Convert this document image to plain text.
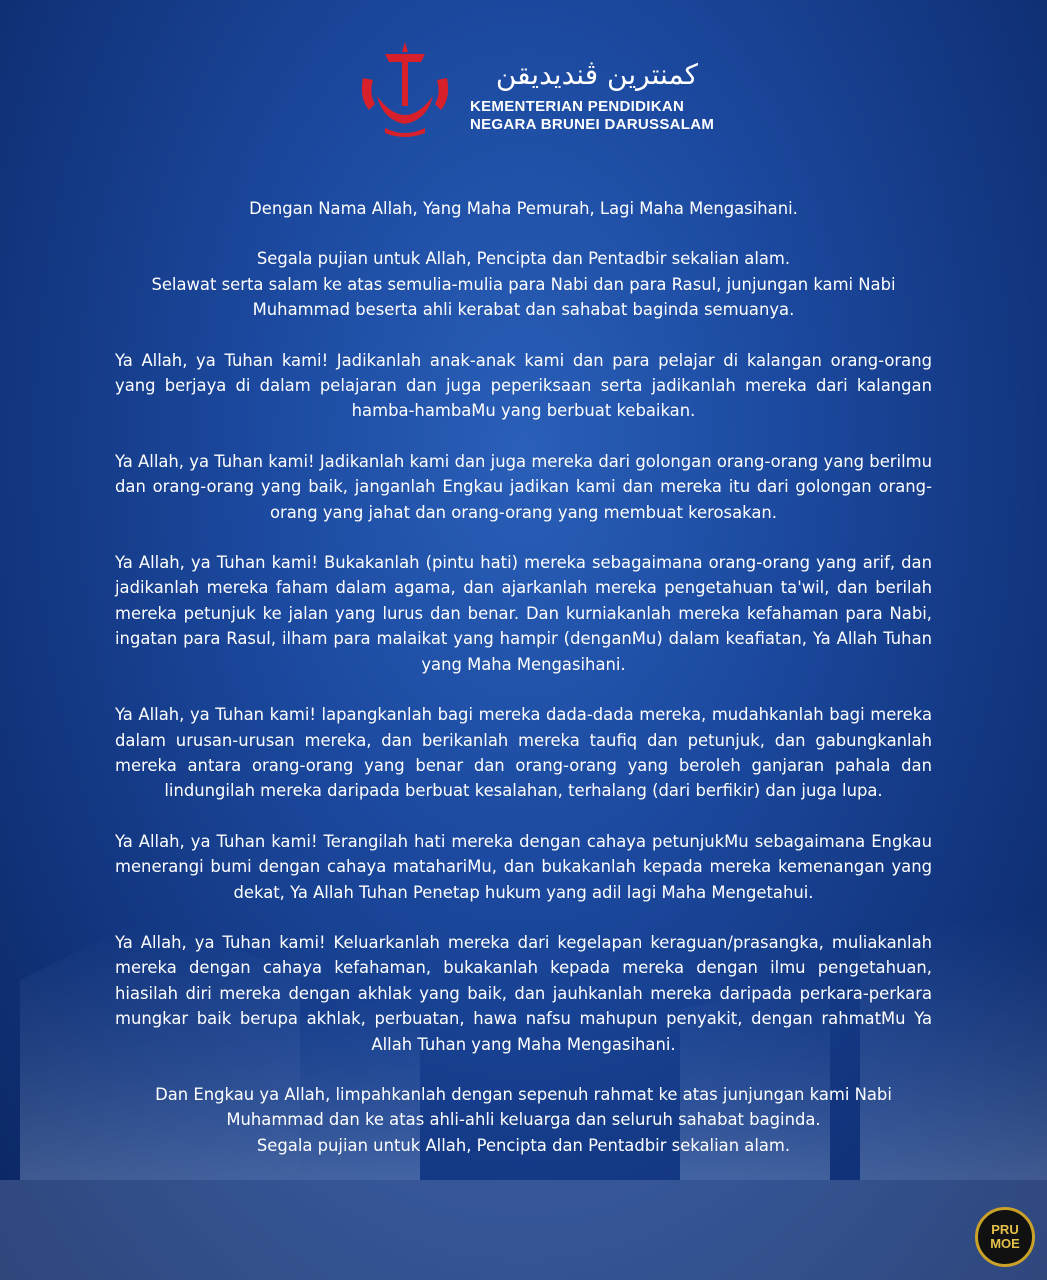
كمنترين ڤنديديقن
KEMENTERIAN PENDIDIKAN
NEGARA BRUNEI DARUSSALAM

Dengan Nama Allah, Yang Maha Pemurah, Lagi Maha Mengasihani.

Segala pujian untuk Allah, Pencipta dan Pentadbir sekalian alam.
Selawat serta salam ke atas semulia-mulia para Nabi dan para Rasul, junjungan kami Nabi Muhammad beserta ahli kerabat dan sahabat baginda semuanya.

Ya Allah, ya Tuhan kami! Jadikanlah anak-anak kami dan para pelajar di kalangan orang-orang yang berjaya di dalam pelajaran dan juga peperiksaan serta jadikanlah mereka dari kalangan hamba-hambaMu yang berbuat kebaikan.

Ya Allah, ya Tuhan kami! Jadikanlah kami dan juga mereka dari golongan orang-orang yang berilmu dan orang-orang yang baik, janganlah Engkau jadikan kami dan mereka itu dari golongan orang-orang yang jahat dan orang-orang yang membuat kerosakan.

Ya Allah, ya Tuhan kami! Bukakanlah (pintu hati) mereka sebagaimana orang-orang yang arif, dan jadikanlah mereka faham dalam agama, dan ajarkanlah mereka pengetahuan ta'wil, dan berilah mereka petunjuk ke jalan yang lurus dan benar. Dan kurniakanlah mereka kefahaman para Nabi, ingatan para Rasul, ilham para malaikat yang hampir (denganMu) dalam keafiatan, Ya Allah Tuhan yang Maha Mengasihani.

Ya Allah, ya Tuhan kami! lapangkanlah bagi mereka dada-dada mereka, mudahkanlah bagi mereka dalam urusan-urusan mereka, dan berikanlah mereka taufiq dan petunjuk, dan gabungkanlah mereka antara orang-orang yang benar dan orang-orang yang beroleh ganjaran pahala dan lindungilah mereka daripada berbuat kesalahan, terhalang (dari berfikir) dan juga lupa.

Ya Allah, ya Tuhan kami! Terangilah hati mereka dengan cahaya petunjukMu sebagaimana Engkau menerangi bumi dengan cahaya matahariMu, dan bukakanlah kepada mereka kemenangan yang dekat, Ya Allah Tuhan Penetap hukum yang adil lagi Maha Mengetahui.

Ya Allah, ya Tuhan kami! Keluarkanlah mereka dari kegelapan keraguan/prasangka, muliakanlah mereka dengan cahaya kefahaman, bukakanlah kepada mereka dengan ilmu pengetahuan, hiasilah diri mereka dengan akhlak yang baik, dan jauhkanlah mereka daripada perkara-perkara mungkar baik berupa akhlak, perbuatan, hawa nafsu mahupun penyakit, dengan rahmatMu Ya Allah Tuhan yang Maha Mengasihani.

Dan Engkau ya Allah, limpahkanlah dengan sepenuh rahmat ke atas junjungan kami Nabi Muhammad dan ke atas ahli-ahli keluarga dan seluruh sahabat baginda.
Segala pujian untuk Allah, Pencipta dan Pentadbir sekalian alam.

PRU
MOE
